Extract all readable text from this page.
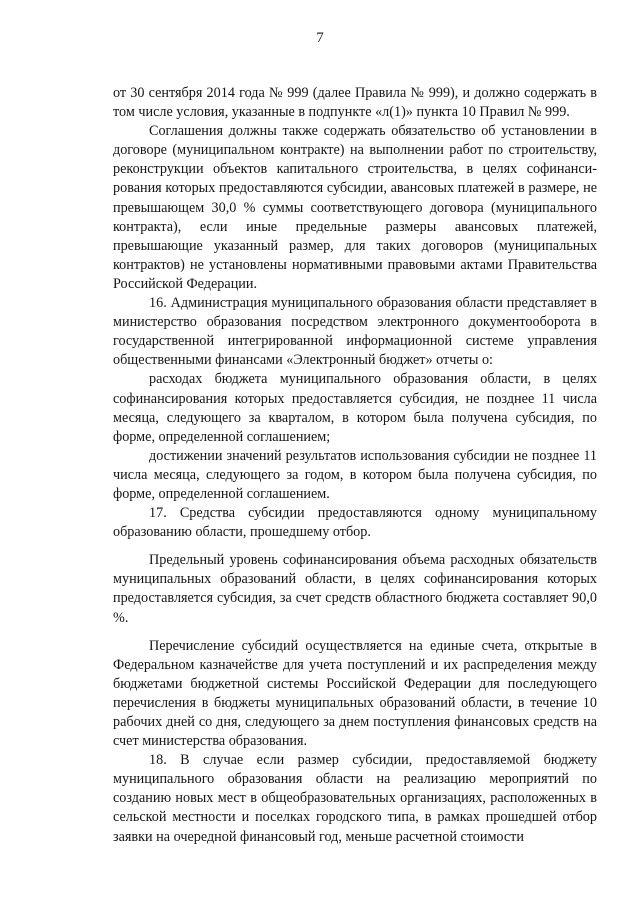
7

от 30 сентября 2014 года № 999 (далее Правила № 999), и должно содержать в том числе условия, указанные в подпункте «л(1)» пункта 10 Правил № 999.

Соглашения должны также содержать обязательство об установлении в договоре (муниципальном контракте) на выполнении работ по строительству, реконструкции объектов капитального строительства, в целях софинансирования которых предоставляются субсидии, авансовых платежей в размере, не превышающем 30,0 % суммы соответствующего договора (муниципального контракта), если иные предельные размеры авансовых платежей, превышающие указанный размер, для таких договоров (муниципальных контрактов) не установлены нормативными правовыми актами Правительства Российской Федерации.

16. Администрация муниципального образования области представляет в министерство образования посредством электронного документооборота в государственной интегрированной информационной системе управления общественными финансами «Электронный бюджет» отчеты о:

расходах бюджета муниципального образования области, в целях софинансирования которых предоставляется субсидия, не позднее 11 числа месяца, следующего за кварталом, в котором была получена субсидия, по форме, определенной соглашением;

достижении значений результатов использования субсидии не позднее 11 числа месяца, следующего за годом, в котором была получена субсидия, по форме, определенной соглашением.

17. Средства субсидии предоставляются одному муниципальному образованию области, прошедшему отбор.

Предельный уровень софинансирования объема расходных обязательств муниципальных образований области, в целях софинансирования которых предоставляется субсидия, за счет средств областного бюджета составляет 90,0 %.

Перечисление субсидий осуществляется на единые счета, открытые в Федеральном казначействе для учета поступлений и их распределения между бюджетами бюджетной системы Российской Федерации для последующего перечисления в бюджеты муниципальных образований области, в течение 10 рабочих дней со дня, следующего за днем поступления финансовых средств на счет министерства образования.

18. В случае если размер субсидии, предоставляемой бюджету муниципального образования области на реализацию мероприятий по созданию новых мест в общеобразовательных организациях, расположенных в сельской местности и поселках городского типа, в рамках прошедшей отбор заявки на очередной финансовый год, меньше расчетной стоимости
